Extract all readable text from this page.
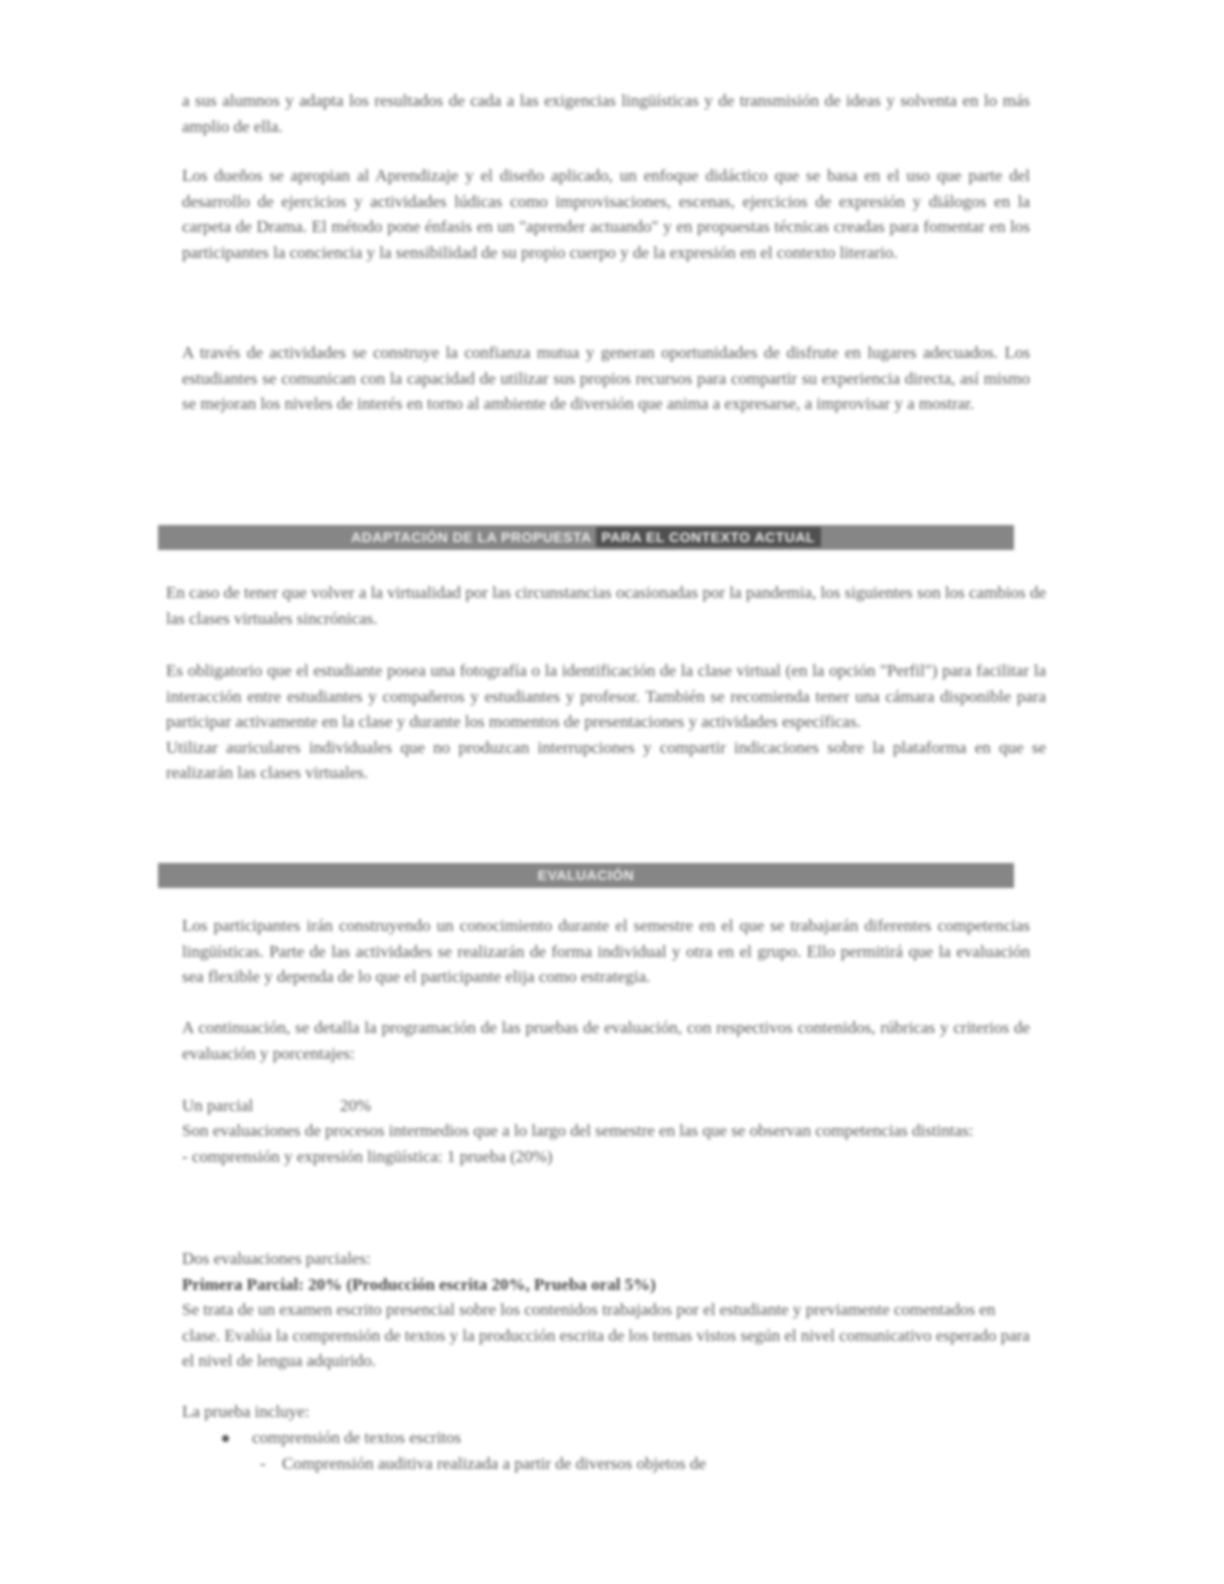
a sus alumnos y adapta los resultados de cada a las exigencias lingüísticas y de transmisión de ideas y solventa en lo más amplio de ella.

Los dueños se apropian al Aprendizaje y el diseño aplicado, un enfoque didáctico que se basa en el uso que parte del desarrollo de ejercicios y actividades lúdicas como improvisaciones, escenas, ejercicios de expresión y diálogos en la carpeta de Drama. El método pone énfasis en un "aprender actuando" y en propuestas técnicas creadas para fomentar en los participantes la conciencia y la sensibilidad de su propio cuerpo y de la expresión en el contexto literario.

A través de actividades se construye la confianza mutua y generan oportunidades de disfrute en lugares adecuados. Los estudiantes se comunican con la capacidad de utilizar sus propios recursos para compartir su experiencia directa, así mismo se mejoran los niveles de interés en torno al ambiente de diversión que anima a expresarse, a improvisar y a mostrar.

ADAPTACIÓN DE LA PROPUESTA PARA EL CONTEXTO ACTUAL

En caso de tener que volver a la virtualidad por las circunstancias ocasionadas por la pandemia, los siguientes son los cambios de las clases virtuales sincrónicas.

Es obligatorio que el estudiante posea una fotografía o la identificación de la clase virtual (en la opción "Perfil") para facilitar la interacción entre estudiantes y compañeros y estudiantes y profesor. También se recomienda tener una cámara disponible para participar activamente en la clase y durante los momentos de presentaciones y actividades específicas.
Utilizar auriculares individuales que no produzcan interrupciones y compartir indicaciones sobre la plataforma en que se realizarán las clases virtuales.
EVALUACIÓN

Los participantes irán construyendo un conocimiento durante el semestre en el que se trabajarán diferentes competencias lingüísticas. Parte de las actividades se realizarán de forma individual y otra en el grupo. Ello permitirá que la evaluación sea flexible y dependa de lo que el participante elija como estrategia.

A continuación, se detalla la programación de las pruebas de evaluación, con respectivos contenidos, rúbricas y criterios de evaluación y porcentajes:

Un parcial	20%
Son evaluaciones de procesos intermedios que a lo largo del semestre en las que se observan competencias distintas:
- comprensión y expresión lingüística: 1 prueba (20%)
Dos evaluaciones parciales:
Primera Parcial: 20% (Producción escrita 20%, Prueba oral 5%)
Se trata de un examen escrito presencial sobre los contenidos trabajados por el estudiante y previamente comentados en clase. Evalúa la comprensión de textos y la producción escrita de los temas vistos según el nivel comunicativo esperado para el nivel de lengua adquirido.
La prueba incluye:
comprensión de textos escritos
- Comprensión auditiva realizada a partir de diversos objetos de
